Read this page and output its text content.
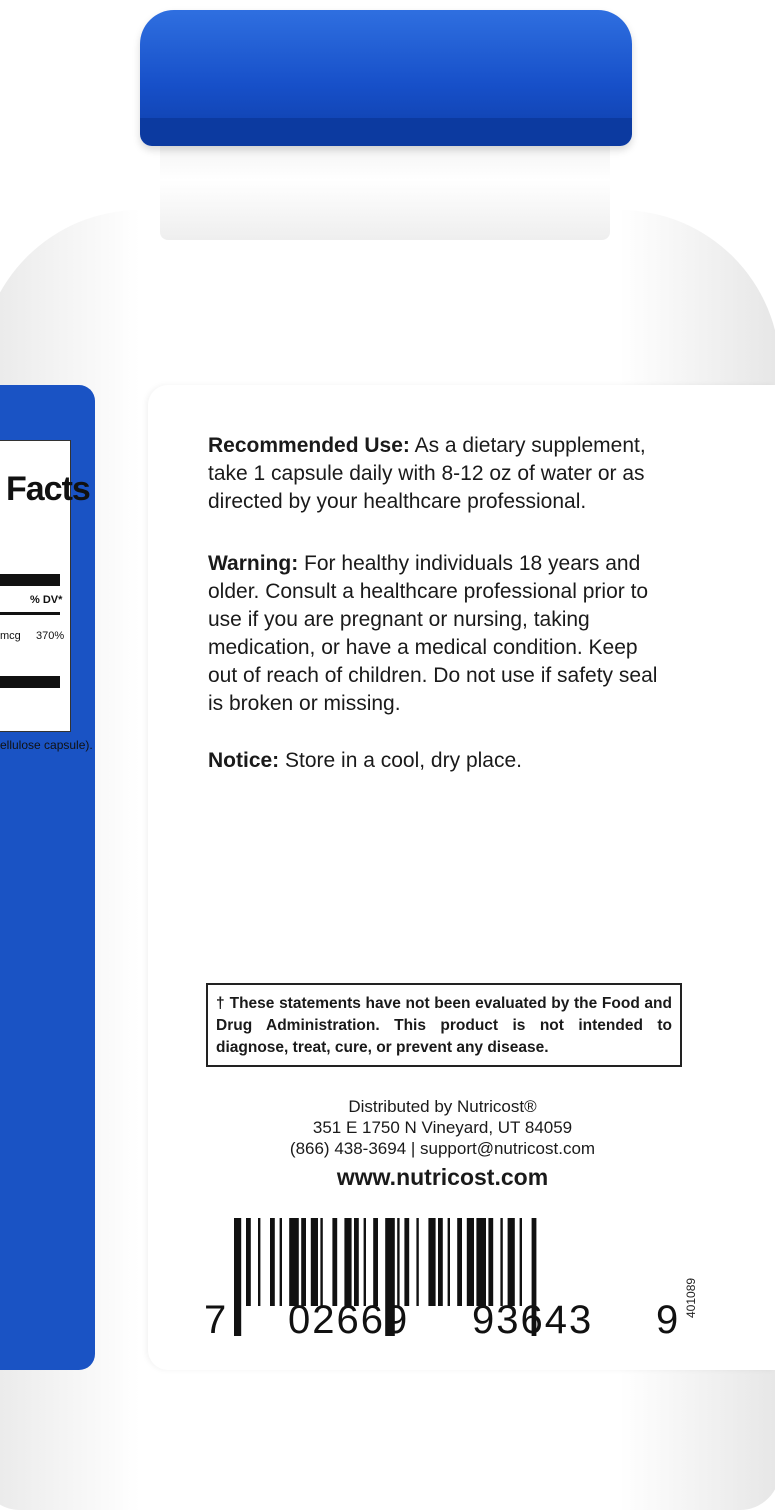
Facts
% DV*
mcg 370%
ellulose capsule).
Recommended Use: As a dietary supplement,
take 1 capsule daily with 8-12 oz of water or as
directed by your healthcare professional.
Warning: For healthy individuals 18 years and
older. Consult a healthcare professional prior to
use if you are pregnant or nursing, taking
medication, or have a medical condition. Keep
out of reach of children. Do not use if safety seal
is broken or missing.
Notice: Store in a cool, dry place.
† These statements have not been evaluated by the Food and Drug Administration. This product is not intended to diagnose, treat, cure, or prevent any disease.
Distributed by Nutricost®
351 E 1750 N Vineyard, UT 84059
(866) 438-3694 | support@nutricost.com
www.nutricost.com
7 02669 93643 9
401089
